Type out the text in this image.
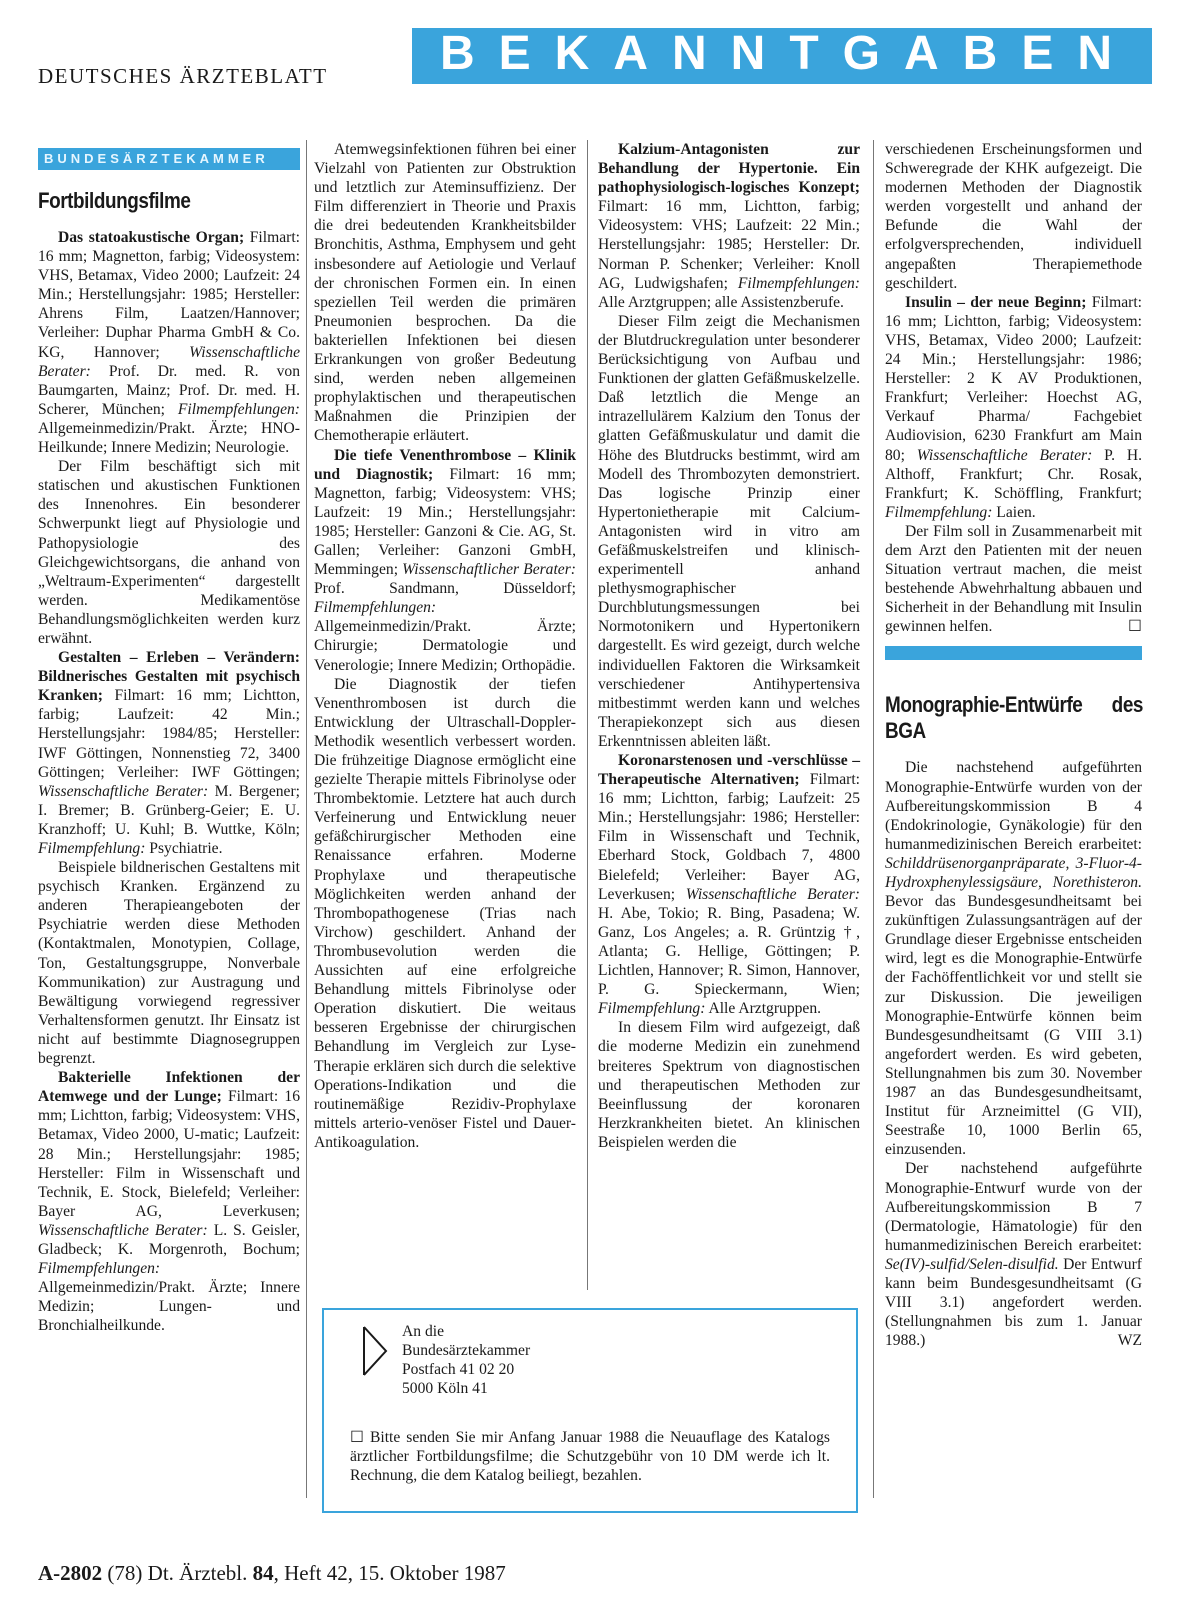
DEUTSCHES ÄRZTEBLATT BEKANNTGABEN
BUNDESÄRZTEKAMMER
Fortbildungsfilme

Das statoakustische Organ; Filmart: 16 mm; Magnetton, farbig; Videosystem: VHS, Betamax, Video 2000; Laufzeit: 24 Min.; Herstellungsjahr: 1985; Hersteller: Ahrens Film, Laatzen/Hannover; Verleiher: Duphar Pharma GmbH & Co. KG, Hannover; Wissenschaftliche Berater: Prof. Dr. med. R. von Baumgarten, Mainz; Prof. Dr. med. H. Scherer, München; Filmempfehlungen: Allgemeinmedizin/Prakt. Ärzte; HNO-Heilkunde; Innere Medizin; Neurologie.

Der Film beschäftigt sich mit statischen und akustischen Funktionen des Innenohres. Ein besonderer Schwerpunkt liegt auf Physiologie und Pathopysiologie des Gleichgewichtsorgans, die anhand von „Weltraum-Experimenten“ dargestellt werden. Medikamentöse Behandlungsmöglichkeiten werden kurz erwähnt.

Gestalten – Erleben – Verändern: Bildnerisches Gestalten mit psychisch Kranken; Filmart: 16 mm; Lichtton, farbig; Laufzeit: 42 Min.; Herstellungsjahr: 1984/85; Hersteller: IWF Göttingen, Nonnenstieg 72, 3400 Göttingen; Verleiher: IWF Göttingen; Wissenschaftliche Berater: M. Bergener; I. Bremer; B. Grünberg-Geier; E. U. Kranzhoff; U. Kuhl; B. Wuttke, Köln; Filmempfehlung: Psychiatrie.

Beispiele bildnerischen Gestaltens mit psychisch Kranken. Ergänzend zu anderen Therapieangeboten der Psychiatrie werden diese Methoden (Kontaktmalen, Monotypien, Collage, Ton, Gestaltungsgruppe, Nonverbale Kommunikation) zur Austragung und Bewältigung vorwiegend regressiver Verhaltensformen genutzt. Ihr Einsatz ist nicht auf bestimmte Diagnosegruppen begrenzt.

Bakterielle Infektionen der Atemwege und der Lunge; Filmart: 16 mm; Lichtton, farbig; Videosystem: VHS, Betamax, Video 2000, U-matic; Laufzeit: 28 Min.; Herstellungsjahr: 1985; Hersteller: Film in Wissenschaft und Technik, E. Stock, Bielefeld; Verleiher: Bayer AG, Leverkusen; Wissenschaftliche Berater: L. S. Geisler, Gladbeck; K. Morgenroth, Bochum; Filmempfehlungen: Allgemeinmedizin/Prakt. Ärzte; Innere Medizin; Lungen- und Bronchialheilkunde.

Atemwegsinfektionen führen bei einer Vielzahl von Patienten zur Obstruktion und letztlich zur Ateminsuffizienz. Der Film differenziert in Theorie und Praxis die drei bedeutenden Krankheitsbilder Bronchitis, Asthma, Emphysem und geht insbesondere auf Aetiologie und Verlauf der chronischen Formen ein. In einen speziellen Teil werden die primären Pneumonien besprochen. Da die bakteriellen Infektionen bei diesen Erkrankungen von großer Bedeutung sind, werden neben allgemeinen prophylaktischen und therapeutischen Maßnahmen die Prinzipien der Chemotherapie erläutert.

Die tiefe Venenthrombose – Klinik und Diagnostik; Filmart: 16 mm; Magnetton, farbig; Videosystem: VHS; Laufzeit: 19 Min.; Herstellungsjahr: 1985; Hersteller: Ganzoni & Cie. AG, St. Gallen; Verleiher: Ganzoni GmbH, Memmingen; Wissenschaftlicher Berater: Prof. Sandmann, Düsseldorf; Filmempfehlungen: Allgemeinmedizin/Prakt. Ärzte; Chirurgie; Dermatologie und Venerologie; Innere Medizin; Orthopädie.

Die Diagnostik der tiefen Venenthrombosen ist durch die Entwicklung der Ultraschall-Doppler-Methodik wesentlich verbessert worden. Die frühzeitige Diagnose ermöglicht eine gezielte Therapie mittels Fibrinolyse oder Thrombektomie. Letztere hat auch durch Verfeinerung und Entwicklung neuer gefäßchirurgischer Methoden eine Renaissance erfahren. Moderne Prophylaxe und therapeutische Möglichkeiten werden anhand der Thrombopathogenese (Trias nach Virchow) geschildert. Anhand der Thrombusevolution werden die Aussichten auf eine erfolgreiche Behandlung mittels Fibrinolyse oder Operation diskutiert. Die weitaus besseren Ergebnisse der chirurgischen Behandlung im Vergleich zur Lyse-Therapie erklären sich durch die selektive Operations-Indikation und die routinemäßige Rezidiv-Prophylaxe mittels arterio-venöser Fistel und Dauer-Antikoagulation.

Kalzium-Antagonisten zur Behandlung der Hypertonie. Ein pathophysiologisch-logisches Konzept; Filmart: 16 mm, Lichtton, farbig; Videosystem: VHS; Laufzeit: 22 Min.; Herstellungsjahr: 1985; Hersteller: Dr. Norman P. Schenker; Verleiher: Knoll AG, Ludwigshafen; Filmempfehlungen: Alle Arztgruppen; alle Assistenzberufe.

Dieser Film zeigt die Mechanismen der Blutdruckregulation unter besonderer Berücksichtigung von Aufbau und Funktionen der glatten Gefäßmuskelzelle. Daß letztlich die Menge an intrazellulärem Kalzium den Tonus der glatten Gefäßmuskulatur und damit die Höhe des Blutdrucks bestimmt, wird am Modell des Thrombozyten demonstriert. Das logische Prinzip einer Hypertonietherapie mit Calcium-Antagonisten wird in vitro am Gefäßmuskelstreifen und klinisch-experimentell anhand plethysmographischer Durchblutungsmessungen bei Normotonikern und Hypertonikern dargestellt. Es wird gezeigt, durch welche individuellen Faktoren die Wirksamkeit verschiedener Antihypertensiva mitbestimmt werden kann und welches Therapiekonzept sich aus diesen Erkenntnissen ableiten läßt.

Koronarstenosen und -verschlüsse – Therapeutische Alternativen; Filmart: 16 mm; Lichtton, farbig; Laufzeit: 25 Min.; Herstellungsjahr: 1986; Hersteller: Film in Wissenschaft und Technik, Eberhard Stock, Goldbach 7, 4800 Bielefeld; Verleiher: Bayer AG, Leverkusen; Wissenschaftliche Berater: H. Abe, Tokio; R. Bing, Pasadena; W. Ganz, Los Angeles; a. R. Grüntzig †, Atlanta; G. Hellige, Göttingen; P. Lichtlen, Hannover; R. Simon, Hannover, P. G. Spieckermann, Wien; Filmempfehlung: Alle Arztgruppen.

In diesem Film wird aufgezeigt, daß die moderne Medizin ein zunehmend breiteres Spektrum von diagnostischen und therapeutischen Methoden zur Beeinflussung der koronaren Herzkrankheiten bietet. An klinischen Beispielen werden die

verschiedenen Erscheinungsformen und Schweregrade der KHK aufgezeigt. Die modernen Methoden der Diagnostik werden vorgestellt und anhand der Befunde die Wahl der erfolgversprechenden, individuell angepaßten Therapiemethode geschildert.

Insulin – der neue Beginn; Filmart: 16 mm; Lichtton, farbig; Videosystem: VHS, Betamax, Video 2000; Laufzeit: 24 Min.; Herstellungsjahr: 1986; Hersteller: 2 K AV Produktionen, Frankfurt; Verleiher: Hoechst AG, Verkauf Pharma/ Fachgebiet Audiovision, 6230 Frankfurt am Main 80; Wissenschaftliche Berater: P. H. Althoff, Frankfurt; Chr. Rosak, Frankfurt; K. Schöffling, Frankfurt; Filmempfehlung: Laien.

Der Film soll in Zusammenarbeit mit dem Arzt den Patienten mit der neuen Situation vertraut machen, die meist bestehende Abwehrhaltung abbauen und Sicherheit in der Behandlung mit Insulin gewinnen helfen.	☐

Monographie-Entwürfe des BGA

Die nachstehend aufgeführten Monographie-Entwürfe wurden von der Aufbereitungskommission B 4 (Endokrinologie, Gynäkologie) für den humanmedizinischen Bereich erarbeitet: Schilddrüsenorganpräparate, 3-Fluor-4-Hydroxphenylessigsäure, Norethisteron. Bevor das Bundesgesundheitsamt bei zukünftigen Zulassungsanträgen auf der Grundlage dieser Ergebnisse entscheiden wird, legt es die Monographie-Entwürfe der Fachöffentlichkeit vor und stellt sie zur Diskussion. Die jeweiligen Monographie-Entwürfe können beim Bundesgesundheitsamt (G VIII 3.1) angefordert werden. Es wird gebeten, Stellungnahmen bis zum 30. November 1987 an das Bundesgesundheitsamt, Institut für Arzneimittel (G VII), Seestraße 10, 1000 Berlin 65, einzusenden.

Der nachstehend aufgeführte Monographie-Entwurf wurde von der Aufbereitungskommission B 7 (Dermatologie, Hämatologie) für den humanmedizinischen Bereich erarbeitet: Se(IV)-sulfid/Selen-disulfid. Der Entwurf kann beim Bundesgesundheitsamt (G VIII 3.1) angefordert werden. (Stellungnahmen bis zum 1. Januar 1988.)	WZ

An die
Bundesärztekammer
Postfach 41 02 20
5000 Köln 41
☐ Bitte senden Sie mir Anfang Januar 1988 die Neuauflage des Katalogs ärztlicher Fortbildungsfilme; die Schutzgebühr von 10 DM werde ich lt. Rechnung, die dem Katalog beiliegt, bezahlen.
A-2802 (78) Dt. Ärztebl. 84, Heft 42, 15. Oktober 1987
